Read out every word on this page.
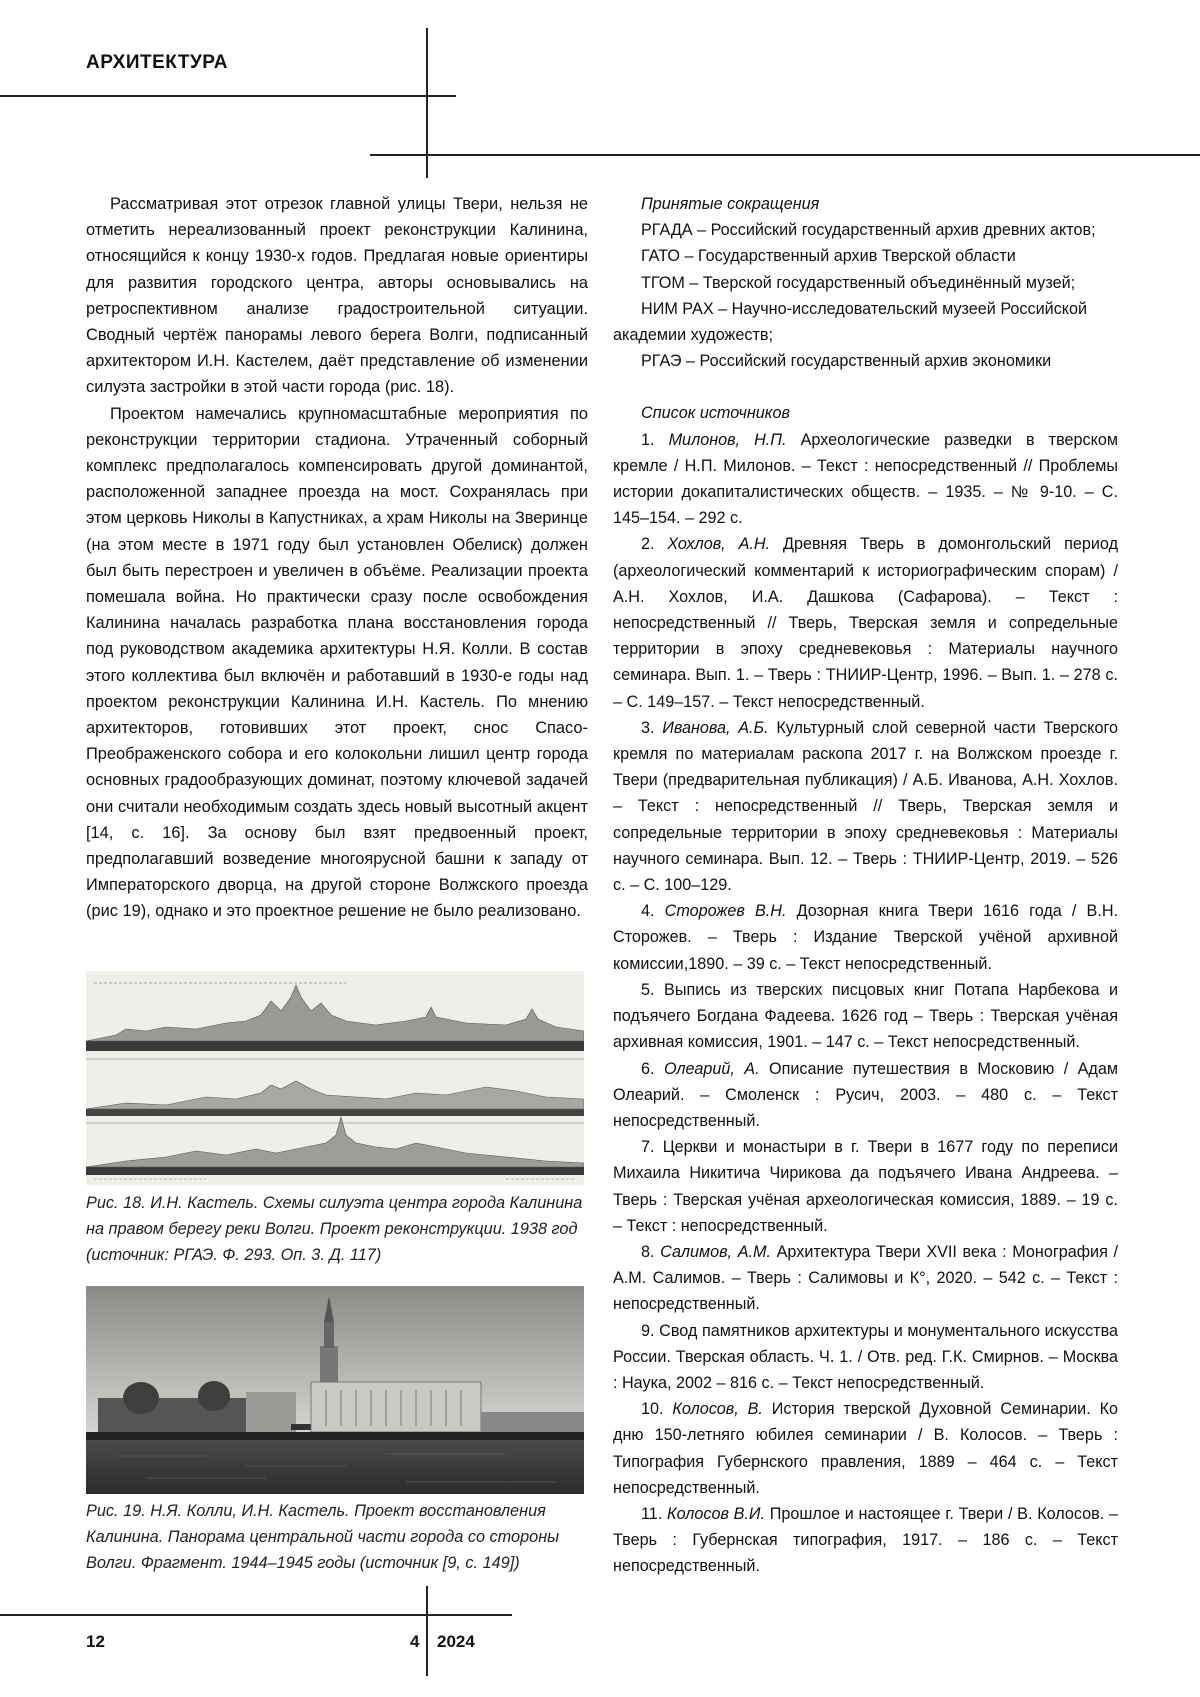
АРХИТЕКТУРА

Рассматривая этот отрезок главной улицы Твери, нельзя не отметить нереализованный проект реконструкции Калинина, относящийся к концу 1930-х годов. Предлагая новые ориентиры для развития городского центра, авторы основывались на ретроспективном анализе градостроительной ситуации. Сводный чертёж панорамы левого берега Волги, подписанный архитектором И.Н. Кастелем, даёт представление об изменении силуэта застройки в этой части города (рис. 18).

Проектом намечались крупномасштабные мероприятия по реконструкции территории стадиона. Утраченный соборный комплекс предполагалось компенсировать другой доминантой, расположенной западнее проезда на мост. Сохранялась при этом церковь Николы в Капустниках, а храм Николы на Зверинце (на этом месте в 1971 году был установлен Обелиск) должен был быть перестроен и увеличен в объёме. Реализации проекта помешала война. Но практически сразу после освобождения Калинина началась разработка плана восстановления города под руководством академика архитектуры Н.Я. Колли. В состав этого коллектива был включён и работавший в 1930-е годы над проектом реконструкции Калинина И.Н. Кастель. По мнению архитекторов, готовивших этот проект, снос Спасо-Преображенского собора и его колокольни лишил центр города основных градообразующих доминат, поэтому ключевой задачей они считали необходимым создать здесь новый высотный акцент [14, с. 16]. За основу был взят предвоенный проект, предполагавший возведение многоярусной башни к западу от Императорского дворца, на другой стороне Волжского проезда (рис 19), однако и это проектное решение не было реализовано.

Рис. 18. И.Н. Кастель. Схемы силуэта центра города Калинина на правом берегу реки Волги. Проект реконструкции. 1938 год (источник: РГАЭ. Ф. 293. Оп. 3. Д. 117)
Рис. 19. Н.Я. Колли, И.Н. Кастель. Проект восстановления Калинина. Панорама центральной части города со стороны Волги. Фрагмент. 1944–1945 годы (источник [9, с. 149])

Принятые сокращения

РГАДА – Российский государственный архив древних актов;

ГАТО – Государственный архив Тверской области

ТГОМ – Тверской государственный объединённый музей;

НИМ РАХ – Научно-исследовательский музеей Российской академии художеств;

РГАЭ – Российский государственный архив экономики

Список источников

1. Милонов, Н.П. Археологические разведки в тверском кремле / Н.П. Милонов. – Текст : непосредственный // Проблемы истории докапиталистических обществ. – 1935. – № 9-10. – С. 145–154. – 292 с.

2. Хохлов, А.Н. Древняя Тверь в домонгольский период (археологический комментарий к историографическим спорам) / А.Н. Хохлов, И.А. Дашкова (Сафарова). – Текст : непосредственный // Тверь, Тверская земля и сопредельные территории в эпоху средневековья : Материалы научного семинара. Вып. 1. – Тверь : ТНИИР-Центр, 1996. – Вып. 1. – 278 с. – С. 149–157. – Текст непосредственный.

3. Иванова, А.Б. Культурный слой северной части Тверского кремля по материалам раскопа 2017 г. на Волжском проезде г. Твери (предварительная публикация) / А.Б. Иванова, А.Н. Хохлов. – Текст : непосредственный // Тверь, Тверская земля и сопредельные территории в эпоху средневековья : Материалы научного семинара. Вып. 12. – Тверь : ТНИИР-Центр, 2019. – 526 с. – С. 100–129.

4. Сторожев В.Н. Дозорная книга Твери 1616 года / В.Н. Сторожев. – Тверь : Издание Тверской учёной архивной комиссии,1890. – 39 с. – Текст непосредственный.

5. Выпись из тверских писцовых книг Потапа Нарбекова и подъячего Богдана Фадеева. 1626 год – Тверь : Тверская учёная архивная комиссия, 1901. – 147 с. – Текст непосредственный.

6. Олеарий, А. Описание путешествия в Московию / Адам Олеарий. – Смоленск : Русич, 2003. – 480 с. – Текст непосредственный.

7. Церкви и монастыри в г. Твери в 1677 году по переписи Михаила Никитича Чирикова да подъячего Ивана Андреева. – Тверь : Тверская учёная археологическая комиссия, 1889. – 19 с. – Текст : непосредственный.

8. Салимов, А.М. Архитектура Твери XVII века : Монография / А.М. Салимов. – Тверь : Салимовы и К°, 2020. – 542 с. – Текст : непосредственный.

9. Свод памятников архитектуры и монументального искусства России. Тверская область. Ч. 1. / Отв. ред. Г.К. Смирнов. – Москва : Наука, 2002 – 816 с. – Текст непосредственный.

10. Колосов, В. История тверской Духовной Семинарии. Ко дню 150-летняго юбилея семинарии / В. Колосов. – Тверь : Типография Губернского правления, 1889 – 464 с. – Текст непосредственный.

11. Колосов В.И. Прошлое и настоящее г. Твери / В. Колосов. – Тверь : Губернская типография, 1917. – 186 с. – Текст непосредственный.

12	4 2024
